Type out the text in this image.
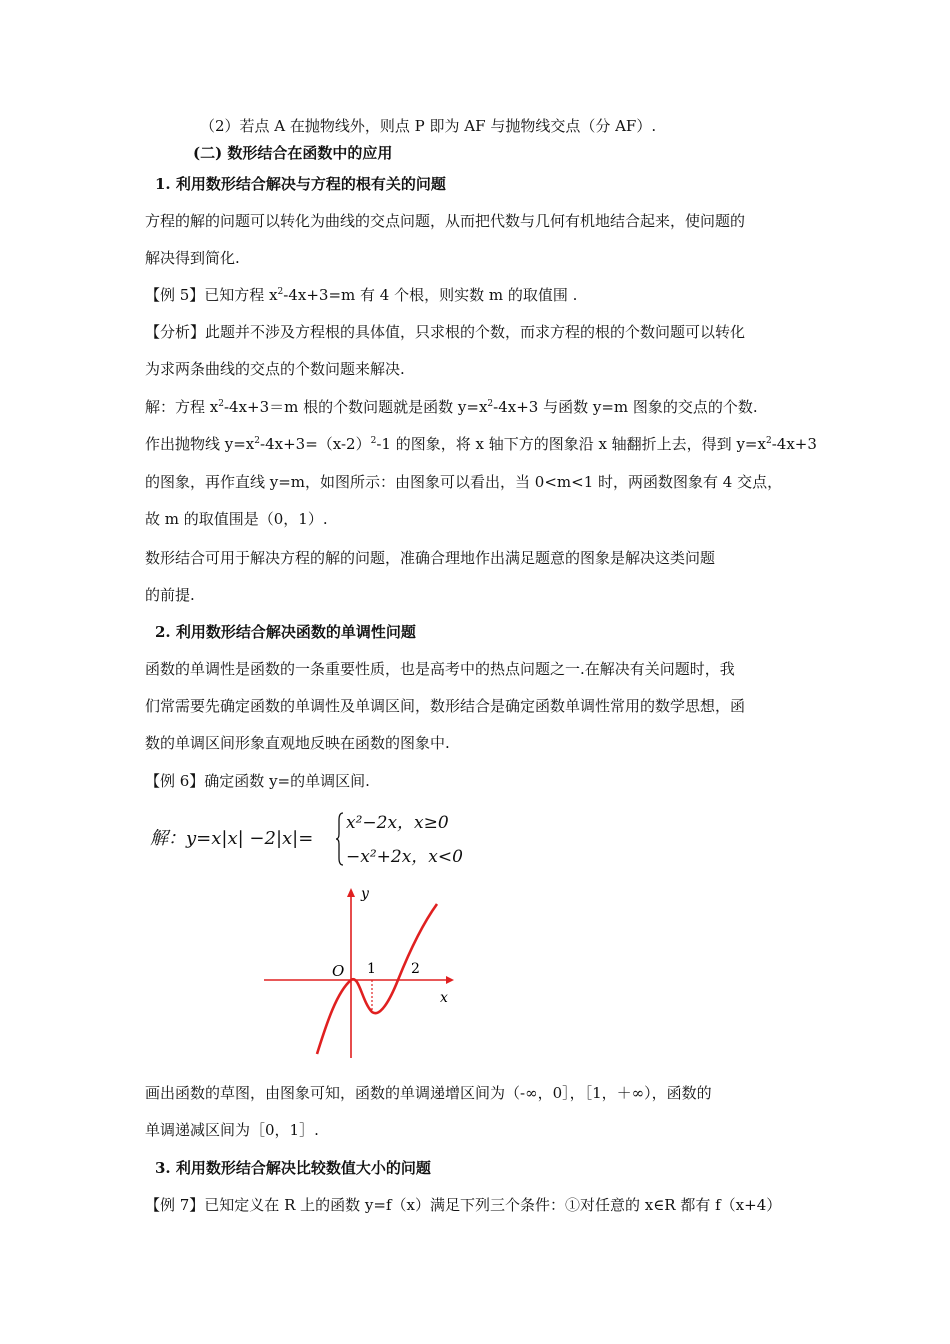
（2）若点 A 在抛物线外，则点 P 即为 AF 与抛物线交点（分 AF）.
(二) 数形结合在函数中的应用
1. 利用数形结合解决与方程的根有关的问题
方程的解的问题可以转化为曲线的交点问题，从而把代数与几何有机地结合起来，使问题的
解决得到简化.
【例 5】已知方程 $x^2-4x+3=m$ 有 4 个根，则实数 m 的取值围 .
【分析】此题并不涉及方程根的具体值，只求根的个数，而求方程的根的个数问题可以转化
为求两条曲线的交点的个数问题来解决.
解：方程 $x^2-4x+3=m$ 根的个数问题就是函数 $y=x^2-4x+3$ 与函数 y=m 图象的交点的个数.
作出抛物线 $y=x^2-4x+3=(x-2)^2-1$ 的图象，将 x 轴下方的图象沿 x 轴翻折上去，得到 $y=x^2-4x+3$
的图象，再作直线 y=m，如图所示：由图象可以看出，当 0<m<1 时，两函数图象有 4 交点，
故 m 的取值围是（0，1）.
数形结合可用于解决方程的解的问题，准确合理地作出满足题意的图象是解决这类问题
的前提.
2. 利用数形结合解决函数的单调性问题
函数的单调性是函数的一条重要性质，也是高考中的热点问题之一.在解决有关问题时，我
们常需要先确定函数的单调性及单调区间，数形结合是确定函数单调性常用的数学思想，函
数的单调区间形象直观地反映在函数的图象中.
【例 6】确定函数 y=的单调区间.
解：y=x|x| −2|x|=
x²−2x，x≥0
−x²+2x，x<0
y
x
O 1	2
画出函数的草图，由图象可知，函数的单调递增区间为（-∞，0］，［1，＋∞），函数的
单调递减区间为［0，1］.
3. 利用数形结合解决比较数值大小的问题
【例 7】已知定义在 R 上的函数 y=f（x）满足下列三个条件：①对任意的 x∈R 都有 f（x+4）
